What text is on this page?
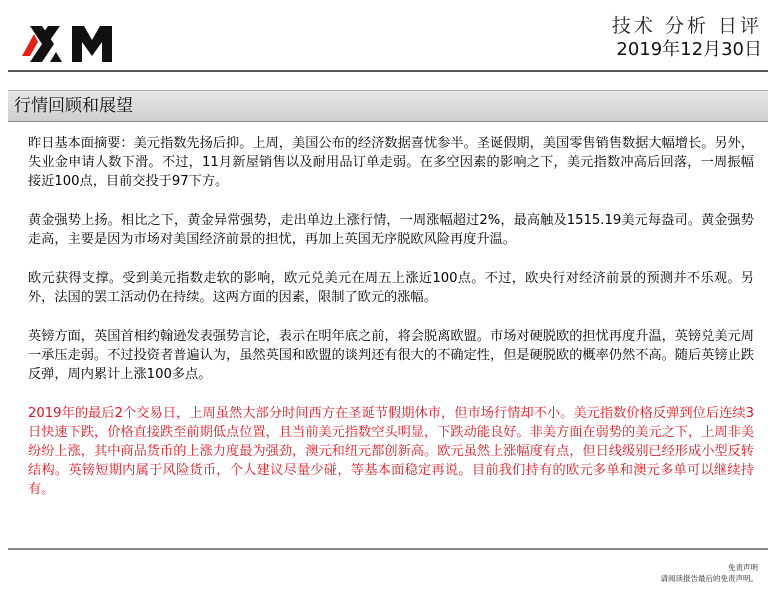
技术 分析 日评
2019年12月30日
行情回顾和展望

昨日基本面摘要：美元指数先扬后抑。上周，美国公布的经济数据喜忧参半。圣诞假期，美国零售销售数据大幅增长。另外，失业金申请人数下滑。不过，11月新屋销售以及耐用品订单走弱。在多空因素的影响之下，美元指数冲高后回落，一周振幅接近100点，目前交投于97下方。

黄金强势上扬。相比之下，黄金异常强势，走出单边上涨行情，一周涨幅超过2%，最高触及1515.19美元每盎司。黄金强势走高，主要是因为市场对美国经济前景的担忧，再加上英国无序脱欧风险再度升温。

欧元获得支撑。受到美元指数走软的影响，欧元兑美元在周五上涨近100点。不过，欧央行对经济前景的预测并不乐观。另外，法国的罢工活动仍在持续。这两方面的因素，限制了欧元的涨幅。

英镑方面，英国首相约翰逊发表强势言论，表示在明年底之前，将会脱离欧盟。市场对硬脱欧的担忧再度升温，英镑兑美元周一承压走弱。不过投资者普遍认为，虽然英国和欧盟的谈判还有很大的不确定性，但是硬脱欧的概率仍然不高。随后英镑止跌反弹，周内累计上涨100多点。

2019年的最后2个交易日，上周虽然大部分时间西方在圣诞节假期休市，但市场行情却不小。美元指数价格反弹到位后连续3日快速下跌，价格直接跌至前期低点位置，且当前美元指数空头明显，下跌动能良好。非美方面在弱势的美元之下，上周非美纷纷上涨，其中商品货币的上涨力度最为强劲，澳元和纽元都创新高。欧元虽然上涨幅度有点，但日线级别已经形成小型反转结构。英镑短期内属于风险货币，个人建议尽量少碰，等基本面稳定再说。目前我们持有的欧元多单和澳元多单可以继续持有。

免责声明
请阅读报告最后的免责声明。
